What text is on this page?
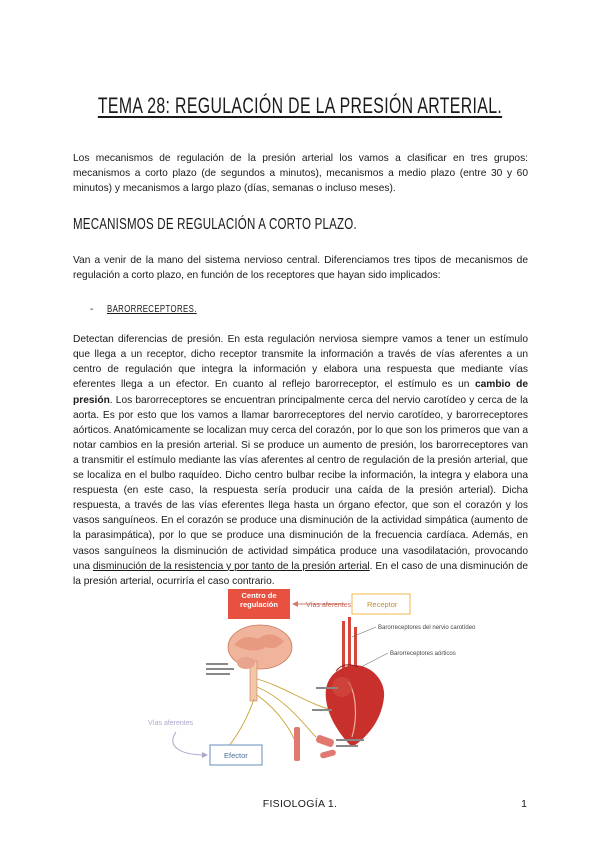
TEMA 28: REGULACIÓN DE LA PRESIÓN ARTERIAL.

Los mecanismos de regulación de la presión arterial los vamos a clasificar en tres grupos: mecanismos a corto plazo (de segundos a minutos), mecanismos a medio plazo (entre 30 y 60 minutos) y mecanismos a largo plazo (días, semanas o incluso meses).

MECANISMOS DE REGULACIÓN A CORTO PLAZO.

Van a venir de la mano del sistema nervioso central. Diferenciamos tres tipos de mecanismos de regulación a corto plazo, en función de los receptores que hayan sido implicados:

- BARORRECEPTORES.

Detectan diferencias de presión. En esta regulación nerviosa siempre vamos a tener un estímulo que llega a un receptor, dicho receptor transmite la información a través de vías aferentes a un centro de regulación que integra la información y elabora una respuesta que mediante vías eferentes llega a un efector. En cuanto al reflejo barorreceptor, el estímulo es un cambio de presión. Los barorreceptores se encuentran principalmente cerca del nervio carotídeo y cerca de la aorta. Es por esto que los vamos a llamar barorreceptores del nervio carotídeo, y barorreceptores aórticos. Anatómicamente se localizan muy cerca del corazón, por lo que son los primeros que van a notar cambios en la presión arterial. Si se produce un aumento de presión, los barorreceptores van a transmitir el estímulo mediante las vías aferentes al centro de regulación de la presión arterial, que se localiza en el bulbo raquídeo. Dicho centro bulbar recibe la información, la integra y elabora una respuesta (en este caso, la respuesta sería producir una caída de la presión arterial). Dicha respuesta, a través de las vías eferentes llega hasta un órgano efector, que son el corazón y los vasos sanguíneos. En el corazón se produce una disminución de la actividad simpática (aumento de la parasimpática), por lo que se produce una disminución de la frecuencia cardíaca. Además, en vasos sanguíneos la disminución de actividad simpática produce una vasodilatación, provocando una disminución de la resistencia y por tanto de la presión arterial. En el caso de una disminución de la presión arterial, ocurriría el caso contrario.

Centro de regulación	Vías aferentes Receptor
Barorreceptores del nervio carotídeo
Barorreceptores aórticos
Vías aferentes
Efector
FISIOLOGÍA 1.	1
